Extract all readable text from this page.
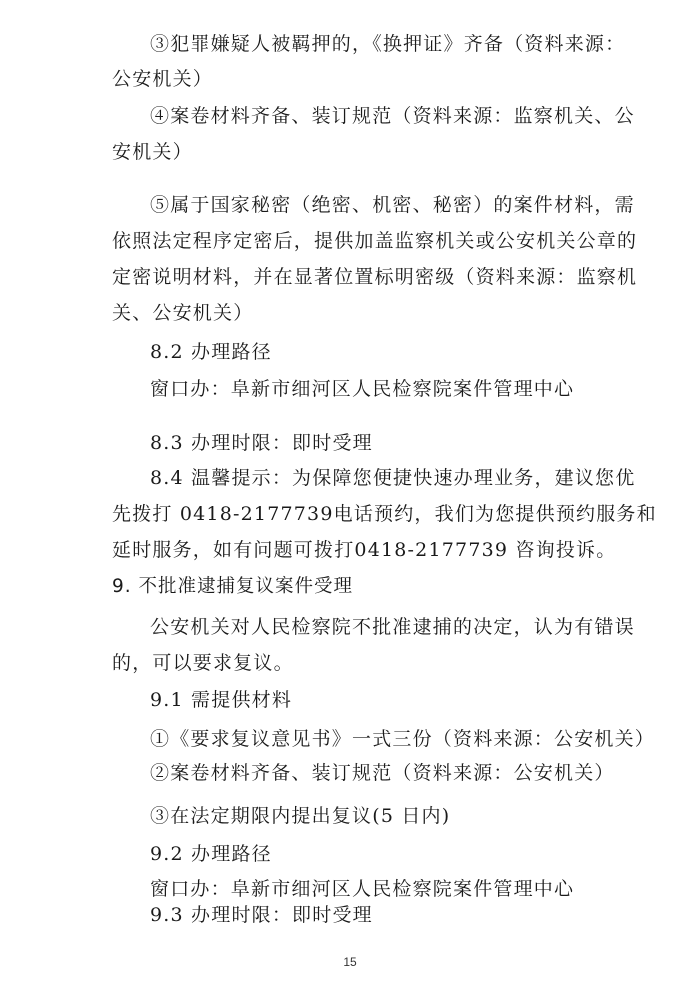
③犯罪嫌疑人被羁押的，《换押证》齐备（资料来源：
公安机关）
④案卷材料齐备、装订规范（资料来源：监察机关、公
安机关）
⑤属于国家秘密（绝密、机密、秘密）的案件材料，需
依照法定程序定密后，提供加盖监察机关或公安机关公章的
定密说明材料，并在显著位置标明密级（资料来源：监察机
关、公安机关）
8.2 办理路径
窗口办：阜新市细河区人民检察院案件管理中心
8.3 办理时限：即时受理
8.4 温馨提示：为保障您便捷快速办理业务，建议您优
先拨打 0418-2177739电话预约，我们为您提供预约服务和
延时服务，如有问题可拨打0418-2177739 咨询投诉。
9. 不批准逮捕复议案件受理
公安机关对人民检察院不批准逮捕的决定，认为有错误
的，可以要求复议。
9.1 需提供材料
①《要求复议意见书》一式三份（资料来源：公安机关）
②案卷材料齐备、装订规范（资料来源：公安机关）
③在法定期限内提出复议(5 日内)
9.2 办理路径
窗口办：阜新市细河区人民检察院案件管理中心
9.3 办理时限：即时受理
15
